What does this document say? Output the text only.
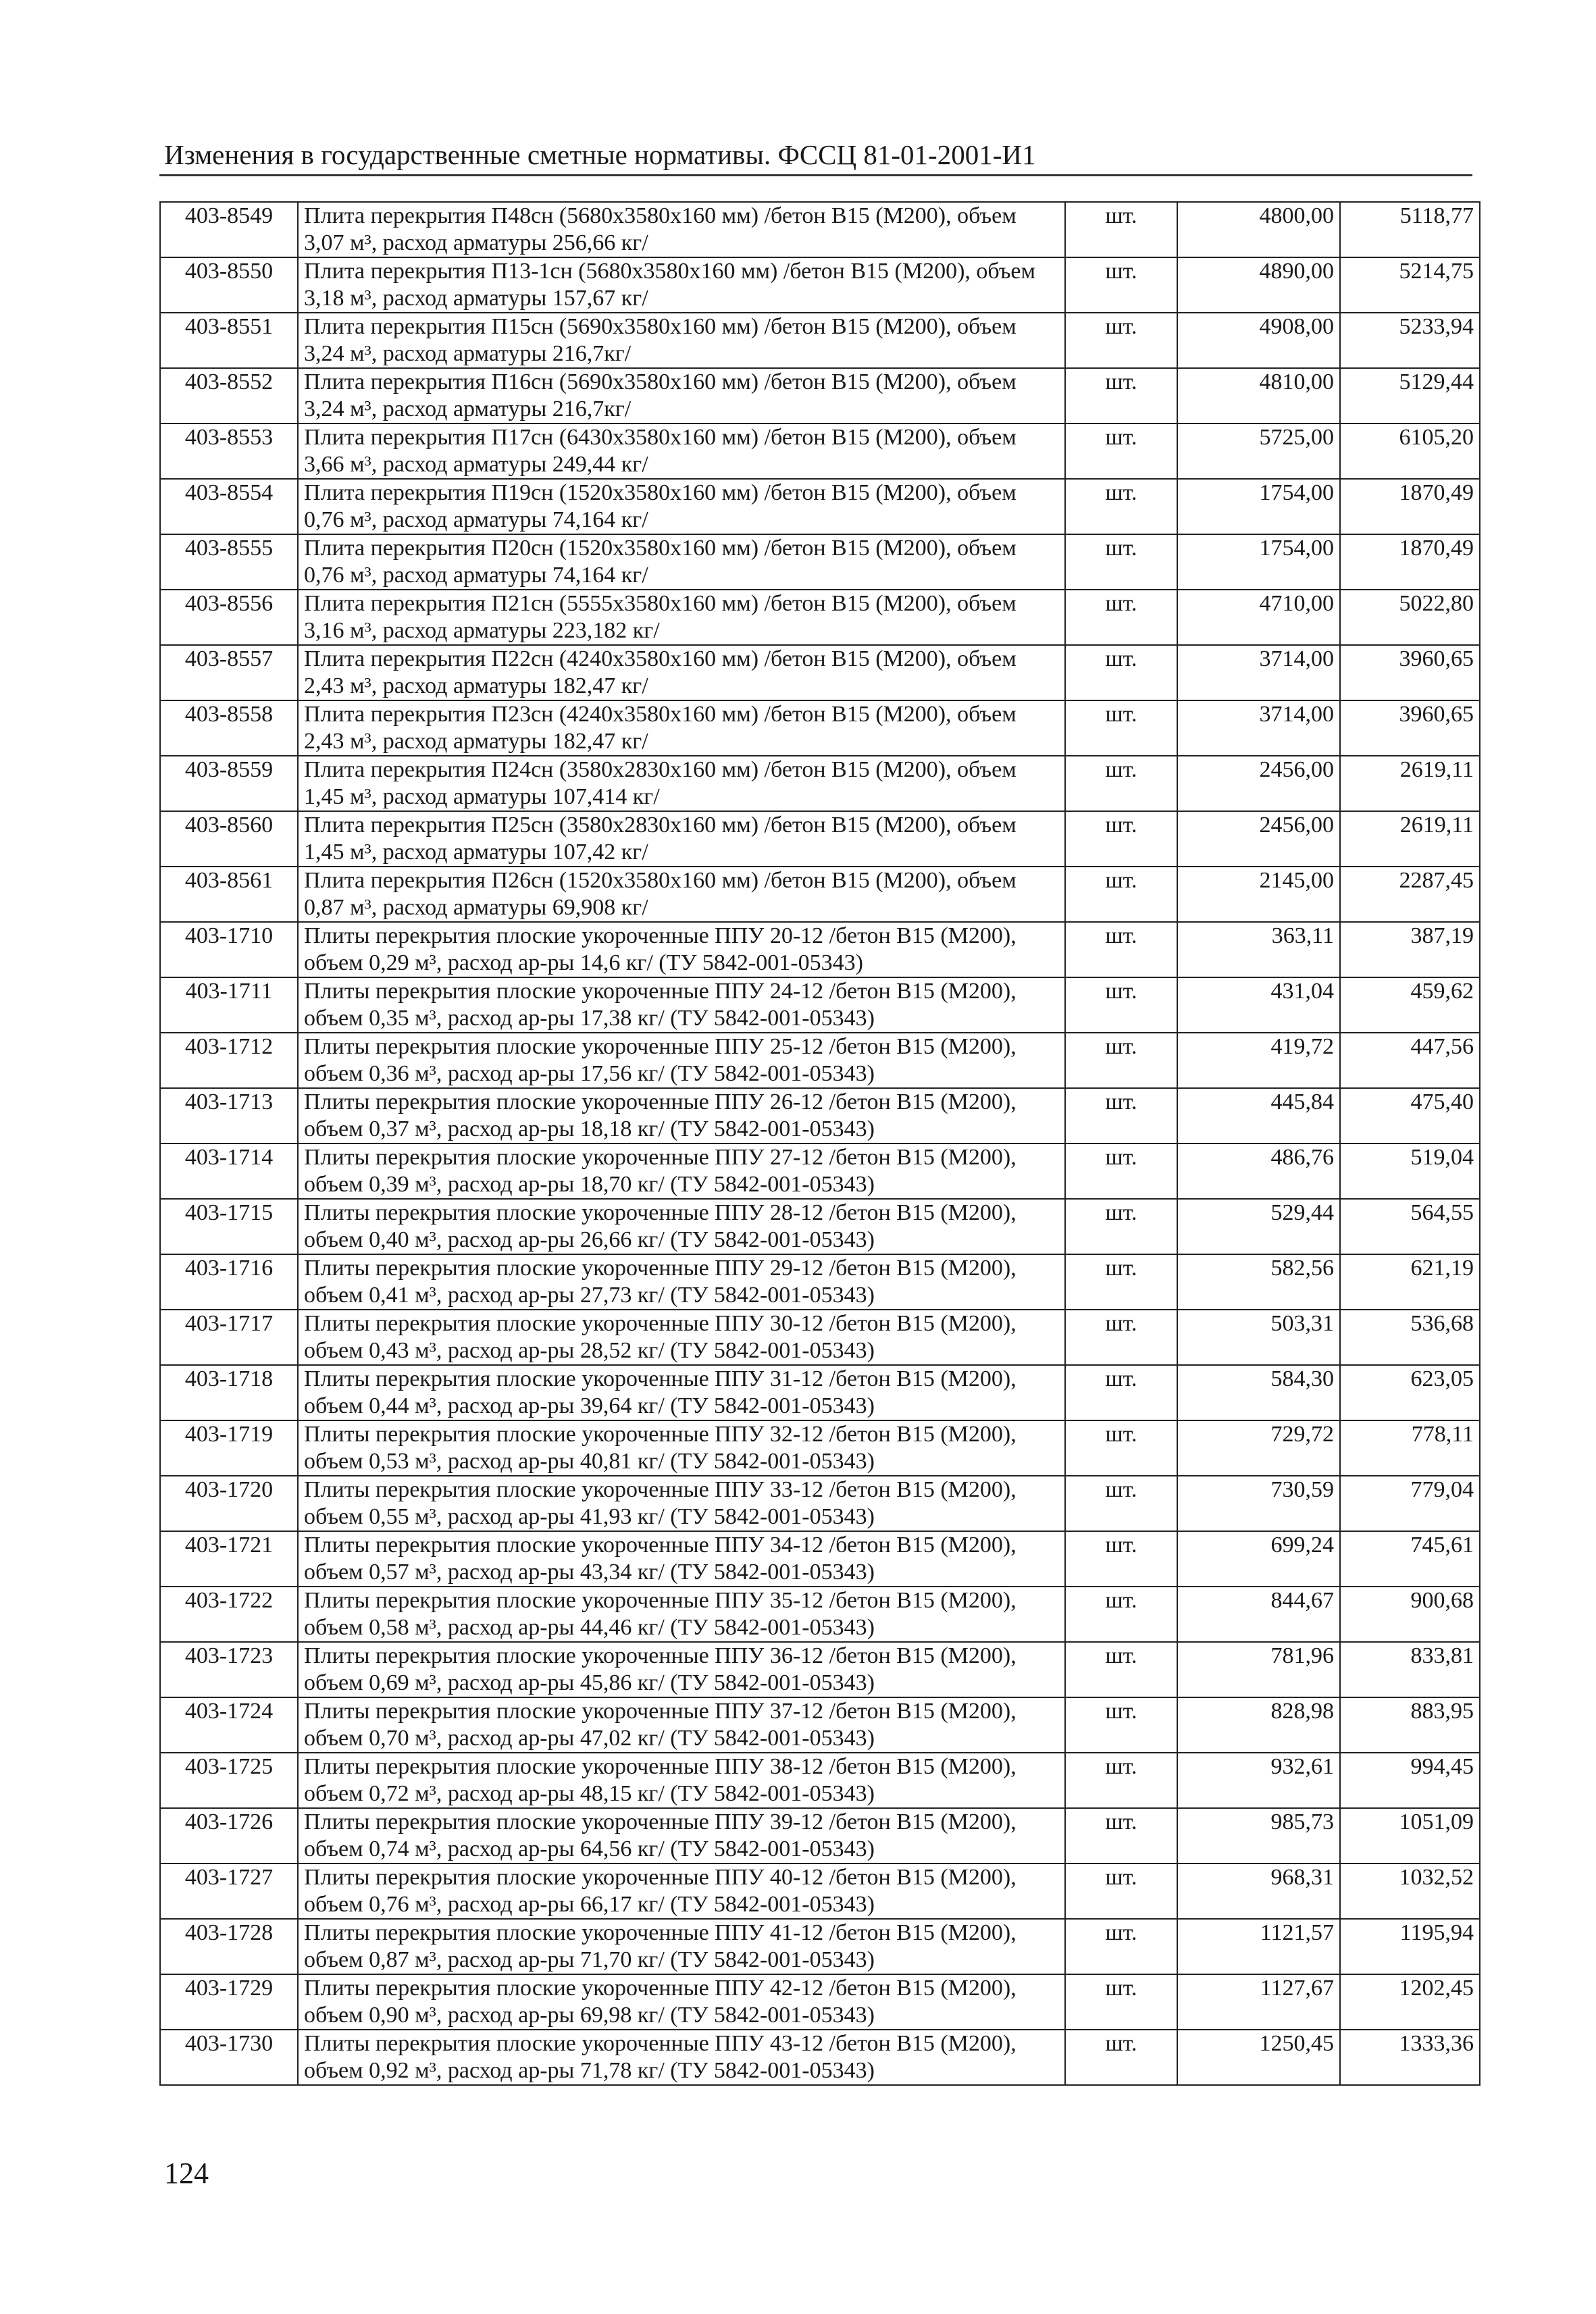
Изменения в государственные сметные нормативы. ФССЦ 81-01-2001-И1
403-8549	Плита перекрытия П48сн (5680x3580x160 мм) /бетон В15 (М200), объем 3,07 м³, расход арматуры 256,66 кг/	шт.	4800,00	5118,77
403-8550	Плита перекрытия П13-1сн (5680x3580x160 мм) /бетон В15 (М200), объем 3,18 м³, расход арматуры 157,67 кг/	шт.	4890,00	5214,75
403-8551	Плита перекрытия П15сн (5690x3580x160 мм) /бетон В15 (М200), объем 3,24 м³, расход арматуры 216,7кг/	шт.	4908,00	5233,94
403-8552	Плита перекрытия П16сн (5690x3580x160 мм) /бетон В15 (М200), объем 3,24 м³, расход арматуры 216,7кг/	шт.	4810,00	5129,44
403-8553	Плита перекрытия П17сн (6430x3580x160 мм) /бетон В15 (М200), объем 3,66 м³, расход арматуры 249,44 кг/	шт.	5725,00	6105,20
403-8554	Плита перекрытия П19сн (1520x3580x160 мм) /бетон В15 (М200), объем 0,76 м³, расход арматуры 74,164 кг/	шт.	1754,00	1870,49
403-8555	Плита перекрытия П20сн (1520x3580x160 мм) /бетон В15 (М200), объем 0,76 м³, расход арматуры 74,164 кг/	шт.	1754,00	1870,49
403-8556	Плита перекрытия П21сн (5555x3580x160 мм) /бетон В15 (М200), объем 3,16 м³, расход арматуры 223,182 кг/	шт.	4710,00	5022,80
403-8557	Плита перекрытия П22сн (4240x3580x160 мм) /бетон В15 (М200), объем 2,43 м³, расход арматуры 182,47 кг/	шт.	3714,00	3960,65
403-8558	Плита перекрытия П23сн (4240x3580x160 мм) /бетон В15 (М200), объем 2,43 м³, расход арматуры 182,47 кг/	шт.	3714,00	3960,65
403-8559	Плита перекрытия П24сн (3580x2830x160 мм) /бетон В15 (М200), объем 1,45 м³, расход арматуры 107,414 кг/	шт.	2456,00	2619,11
403-8560	Плита перекрытия П25сн (3580x2830x160 мм) /бетон В15 (М200), объем 1,45 м³, расход арматуры 107,42 кг/	шт.	2456,00	2619,11
403-8561	Плита перекрытия П26сн (1520x3580x160 мм) /бетон В15 (М200), объем 0,87 м³, расход арматуры 69,908 кг/	шт.	2145,00	2287,45
403-1710	Плиты перекрытия плоские укороченные ППУ 20-12 /бетон В15 (М200), объем 0,29 м³, расход ар-ры 14,6 кг/ (ТУ 5842-001-05343)	шт.	363,11	387,19
403-1711	Плиты перекрытия плоские укороченные ППУ 24-12 /бетон В15 (М200), объем 0,35 м³, расход ар-ры 17,38 кг/ (ТУ 5842-001-05343)	шт.	431,04	459,62
403-1712	Плиты перекрытия плоские укороченные ППУ 25-12 /бетон В15 (М200), объем 0,36 м³, расход ар-ры 17,56 кг/ (ТУ 5842-001-05343)	шт.	419,72	447,56
403-1713	Плиты перекрытия плоские укороченные ППУ 26-12 /бетон В15 (М200), объем 0,37 м³, расход ар-ры 18,18 кг/ (ТУ 5842-001-05343)	шт.	445,84	475,40
403-1714	Плиты перекрытия плоские укороченные ППУ 27-12 /бетон В15 (М200), объем 0,39 м³, расход ар-ры 18,70 кг/ (ТУ 5842-001-05343)	шт.	486,76	519,04
403-1715	Плиты перекрытия плоские укороченные ППУ 28-12 /бетон В15 (М200), объем 0,40 м³, расход ар-ры 26,66 кг/ (ТУ 5842-001-05343)	шт.	529,44	564,55
403-1716	Плиты перекрытия плоские укороченные ППУ 29-12 /бетон В15 (М200), объем 0,41 м³, расход ар-ры 27,73 кг/ (ТУ 5842-001-05343)	шт.	582,56	621,19
403-1717	Плиты перекрытия плоские укороченные ППУ 30-12 /бетон В15 (М200), объем 0,43 м³, расход ар-ры 28,52 кг/ (ТУ 5842-001-05343)	шт.	503,31	536,68
403-1718	Плиты перекрытия плоские укороченные ППУ 31-12 /бетон В15 (М200), объем 0,44 м³, расход ар-ры 39,64 кг/ (ТУ 5842-001-05343)	шт.	584,30	623,05
403-1719	Плиты перекрытия плоские укороченные ППУ 32-12 /бетон В15 (М200), объем 0,53 м³, расход ар-ры 40,81 кг/ (ТУ 5842-001-05343)	шт.	729,72	778,11
403-1720	Плиты перекрытия плоские укороченные ППУ 33-12 /бетон В15 (М200), объем 0,55 м³, расход ар-ры 41,93 кг/ (ТУ 5842-001-05343)	шт.	730,59	779,04
403-1721	Плиты перекрытия плоские укороченные ППУ 34-12 /бетон В15 (М200), объем 0,57 м³, расход ар-ры 43,34 кг/ (ТУ 5842-001-05343)	шт.	699,24	745,61
403-1722	Плиты перекрытия плоские укороченные ППУ 35-12 /бетон В15 (М200), объем 0,58 м³, расход ар-ры 44,46 кг/ (ТУ 5842-001-05343)	шт.	844,67	900,68
403-1723	Плиты перекрытия плоские укороченные ППУ 36-12 /бетон В15 (М200), объем 0,69 м³, расход ар-ры 45,86 кг/ (ТУ 5842-001-05343)	шт.	781,96	833,81
403-1724	Плиты перекрытия плоские укороченные ППУ 37-12 /бетон В15 (М200), объем 0,70 м³, расход ар-ры 47,02 кг/ (ТУ 5842-001-05343)	шт.	828,98	883,95
403-1725	Плиты перекрытия плоские укороченные ППУ 38-12 /бетон В15 (М200), объем 0,72 м³, расход ар-ры 48,15 кг/ (ТУ 5842-001-05343)	шт.	932,61	994,45
403-1726	Плиты перекрытия плоские укороченные ППУ 39-12 /бетон В15 (М200), объем 0,74 м³, расход ар-ры 64,56 кг/ (ТУ 5842-001-05343)	шт.	985,73	1051,09
403-1727	Плиты перекрытия плоские укороченные ППУ 40-12 /бетон В15 (М200), объем 0,76 м³, расход ар-ры 66,17 кг/ (ТУ 5842-001-05343)	шт.	968,31	1032,52
403-1728	Плиты перекрытия плоские укороченные ППУ 41-12 /бетон В15 (М200), объем 0,87 м³, расход ар-ры 71,70 кг/ (ТУ 5842-001-05343)	шт.	1121,57	1195,94
403-1729	Плиты перекрытия плоские укороченные ППУ 42-12 /бетон В15 (М200), объем 0,90 м³, расход ар-ры 69,98 кг/ (ТУ 5842-001-05343)	шт.	1127,67	1202,45
403-1730	Плиты перекрытия плоские укороченные ППУ 43-12 /бетон В15 (М200), объем 0,92 м³, расход ар-ры 71,78 кг/ (ТУ 5842-001-05343)	шт.	1250,45	1333,36
124
